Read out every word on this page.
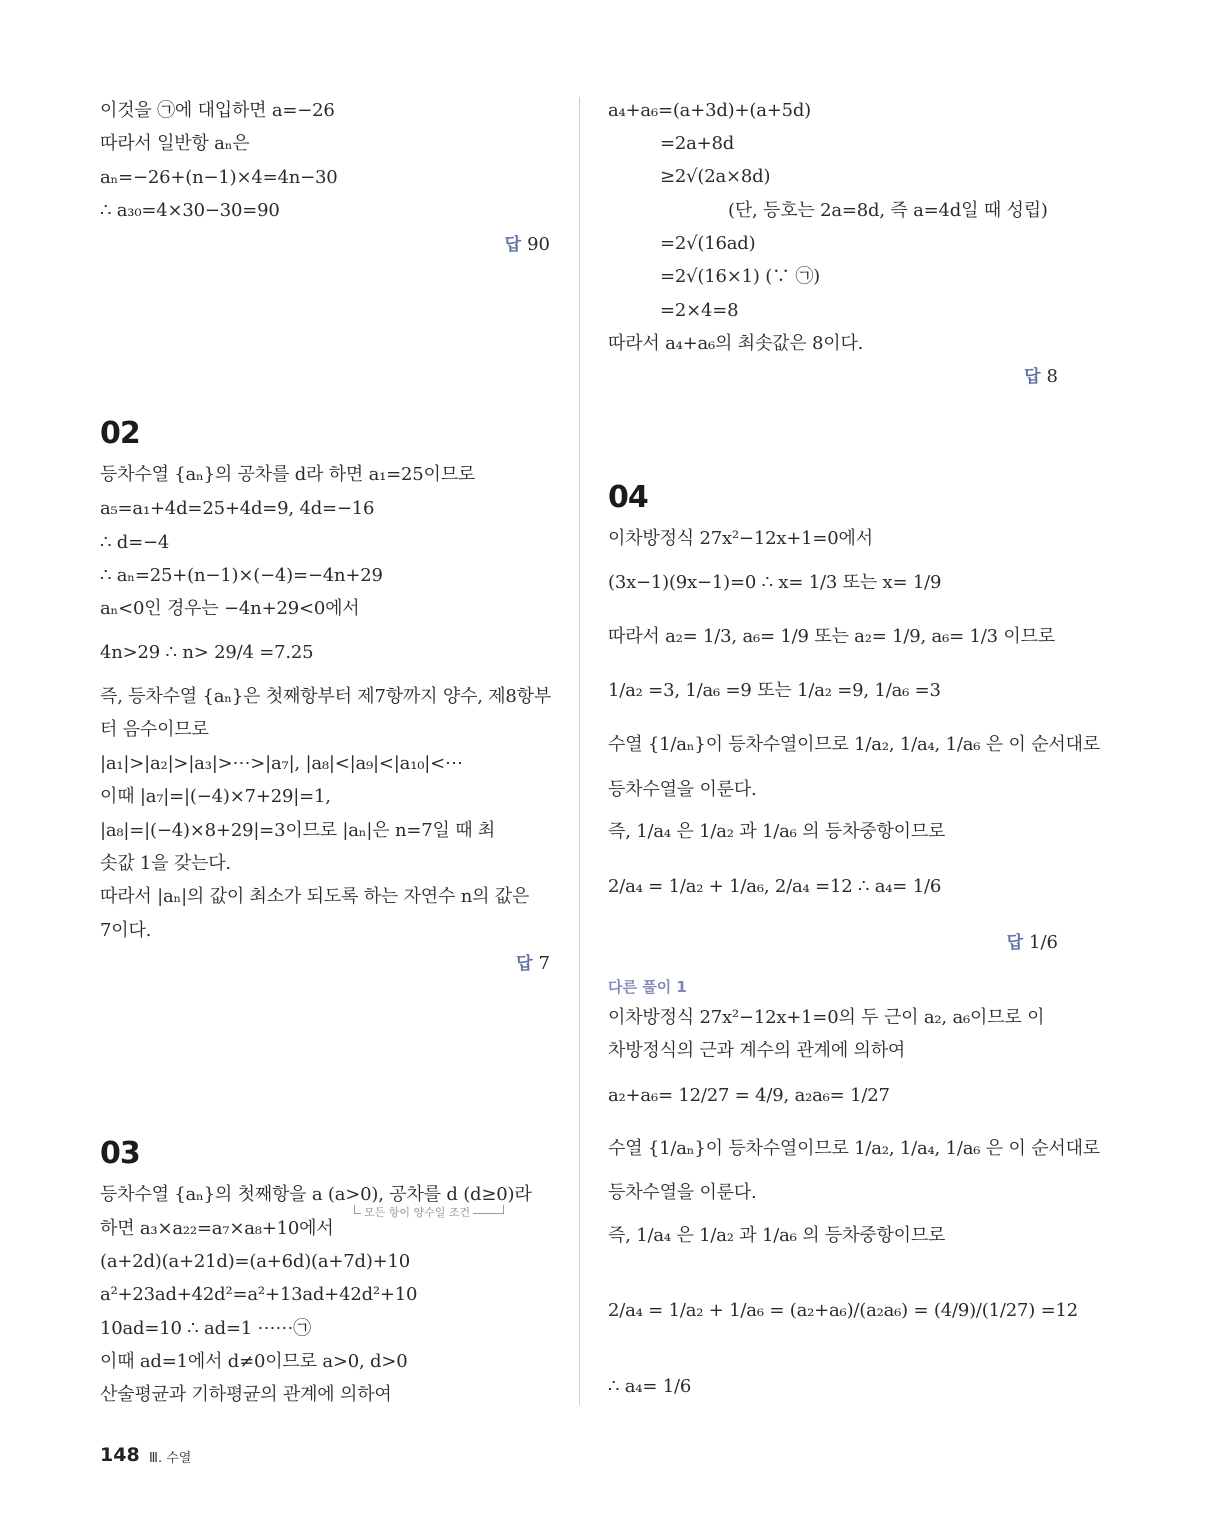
이것을 ㉠에 대입하면 a=−26
따라서 일반항 aₙ은
aₙ=−26+(n−1)×4=4n−30
∴ a₃₀=4×30−30=90
답 90
02
등차수열 {aₙ}의 공차를 d라 하면 a₁=25이므로
a₅=a₁+4d=25+4d=9, 4d=−16
∴ d=−4
∴ aₙ=25+(n−1)×(−4)=−4n+29
aₙ<0인 경우는 −4n+29<0에서
4n>29 ∴ n> 29/4 =7.25
즉, 등차수열 {aₙ}은 첫째항부터 제7항까지 양수, 제8항부
터 음수이므로
|a₁|>|a₂|>|a₃|>⋯>|a₇|, |a₈|<|a₉|<|a₁₀|<⋯
이때 |a₇|=|(−4)×7+29|=1,
|a₈|=|(−4)×8+29|=3이므로 |aₙ|은 n=7일 때 최
솟값 1을 갖는다.
따라서 |aₙ|의 값이 최소가 되도록 하는 자연수 n의 값은
7이다.
답 7
03
등차수열 {aₙ}의 첫째항을 a (a>0), 공차를 d (d≥0)라
모든 항이 양수일 조건
하면 a₃×a₂₂=a₇×a₈+10에서
(a+2d)(a+21d)=(a+6d)(a+7d)+10
a²+23ad+42d²=a²+13ad+42d²+10
10ad=10 ∴ ad=1 ⋯⋯㉠
이때 ad=1에서 d≠0이므로 a>0, d>0
산술평균과 기하평균의 관계에 의하여
a₄+a₆=(a+3d)+(a+5d)
=2a+8d
≥2√(2a×8d)
(단, 등호는 2a=8d, 즉 a=4d일 때 성립)
=2√(16ad)
=2√(16×1) (∵ ㉠)
=2×4=8
따라서 a₄+a₆의 최솟값은 8이다.
답 8
04
이차방정식 27x²−12x+1=0에서
(3x−1)(9x−1)=0 ∴ x= 1/3 또는 x= 1/9
따라서 a₂= 1/3, a₆= 1/9 또는 a₂= 1/9, a₆= 1/3 이므로
1/a₂ =3, 1/a₆ =9 또는 1/a₂ =9, 1/a₆ =3
수열 {1/aₙ}이 등차수열이므로 1/a₂, 1/a₄, 1/a₆ 은 이 순서대로
등차수열을 이룬다.
즉, 1/a₄ 은 1/a₂ 과 1/a₆ 의 등차중항이므로
2/a₄ = 1/a₂ + 1/a₆, 2/a₄ =12 ∴ a₄= 1/6
답 1/6
다른 풀이 1
이차방정식 27x²−12x+1=0의 두 근이 a₂, a₆이므로 이
차방정식의 근과 계수의 관계에 의하여
a₂+a₆= 12/27 = 4/9, a₂a₆= 1/27
수열 {1/aₙ}이 등차수열이므로 1/a₂, 1/a₄, 1/a₆ 은 이 순서대로
등차수열을 이룬다.
즉, 1/a₄ 은 1/a₂ 과 1/a₆ 의 등차중항이므로
2/a₄ = 1/a₂ + 1/a₆ = (a₂+a₆)/(a₂a₆) = (4/9)/(1/27) =12
∴ a₄= 1/6
148 Ⅲ. 수열
